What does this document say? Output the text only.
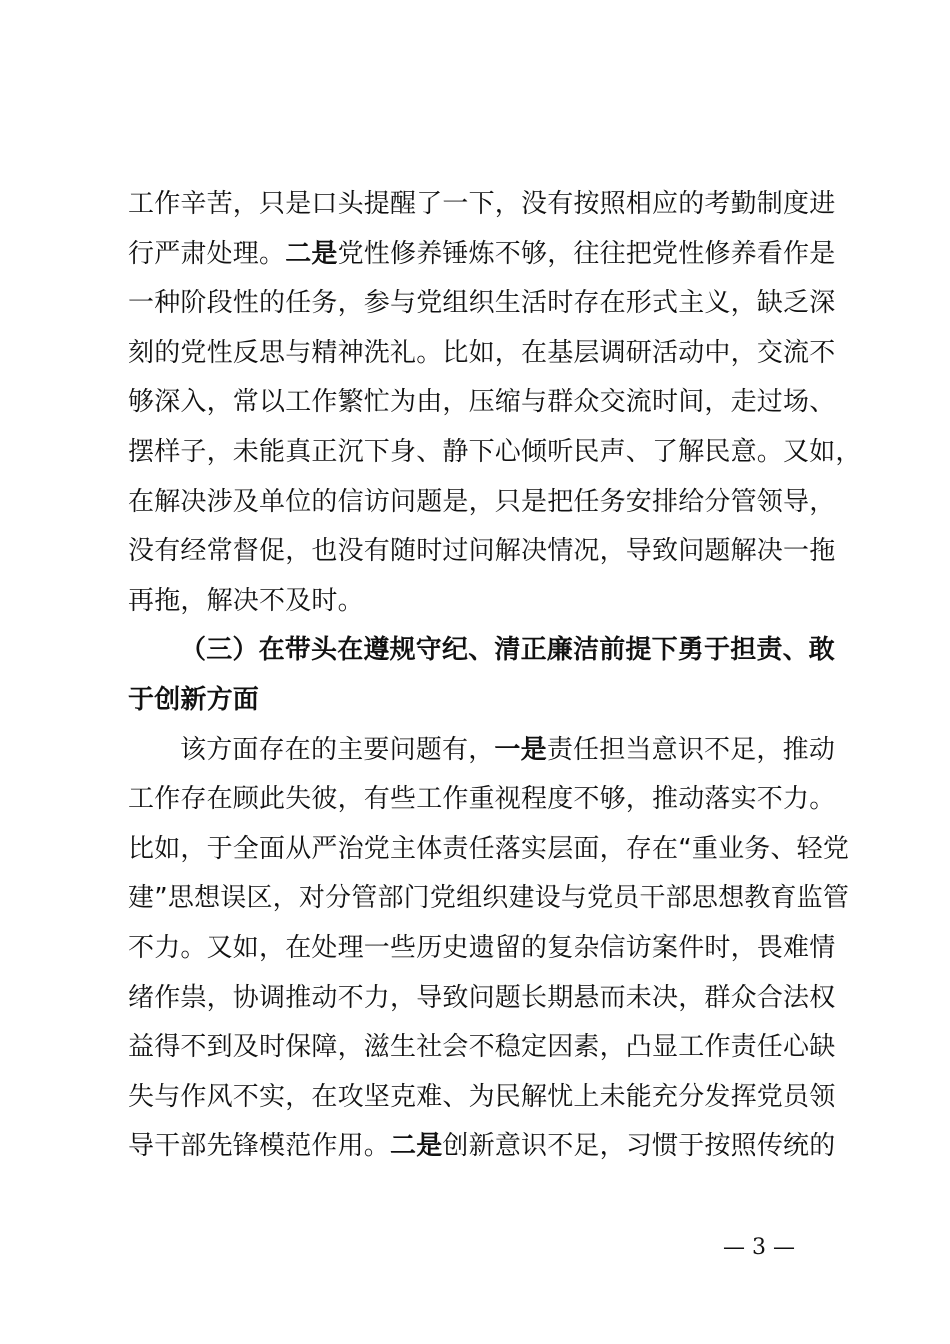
工作辛苦，只是口头提醒了一下，没有按照相应的考勤制度进
行严肃处理。二是党性修养锤炼不够，往往把党性修养看作是
一种阶段性的任务，参与党组织生活时存在形式主义，缺乏深
刻的党性反思与精神洗礼。比如，在基层调研活动中，交流不
够深入，常以工作繁忙为由，压缩与群众交流时间，走过场、
摆样子，未能真正沉下身、静下心倾听民声、了解民意。又如，
在解决涉及单位的信访问题是，只是把任务安排给分管领导，
没有经常督促，也没有随时过问解决情况，导致问题解决一拖
再拖，解决不及时。
（三）在带头在遵规守纪、清正廉洁前提下勇于担责、敢
于创新方面
该方面存在的主要问题有，一是责任担当意识不足，推动
工作存在顾此失彼，有些工作重视程度不够，推动落实不力。
比如，于全面从严治党主体责任落实层面，存在“重业务、轻党
建”思想误区，对分管部门党组织建设与党员干部思想教育监管
不力。又如，在处理一些历史遗留的复杂信访案件时，畏难情
绪作祟，协调推动不力，导致问题长期悬而未决，群众合法权
益得不到及时保障，滋生社会不稳定因素，凸显工作责任心缺
失与作风不实，在攻坚克难、为民解忧上未能充分发挥党员领
导干部先锋模范作用。二是创新意识不足，习惯于按照传统的
— 3 —
